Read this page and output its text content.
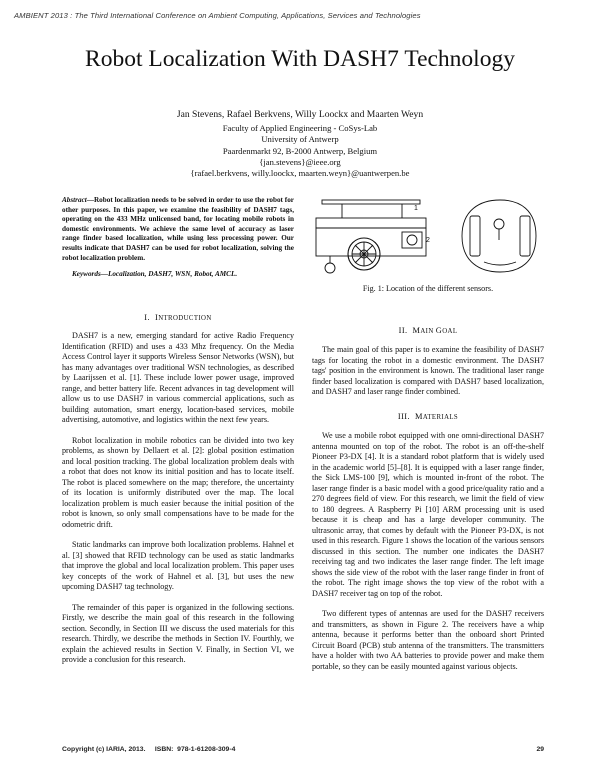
AMBIENT 2013 : The Third International Conference on Ambient Computing, Applications, Services and Technologies
Robot Localization With DASH7 Technology
Jan Stevens, Rafael Berkvens, Willy Loockx and Maarten Weyn
Faculty of Applied Engineering - CoSys-Lab
University of Antwerp
Paardenmarkt 92, B-2000 Antwerp, Belgium
{jan.stevens}@ieee.org
{rafael.berkvens, willy.loockx, maarten.weyn}@uantwerpen.be

Abstract—Robot localization needs to be solved in order to use the robot for other purposes. In this paper, we examine the feasibility of DASH7 tags, operating on the 433 MHz unlicensed band, for locating mobile robots in domestic environments. We achieve the same level of accuracy as laser range finder based localization, while using less processing power. Our results indicate that DASH7 can be used for robot localization, solving the robot localization problem.

Keywords—Localization, DASH7, WSN, Robot, AMCL.

I. INTRODUCTION

DASH7 is a new, emerging standard for active Radio Frequency Identification (RFID) and uses a 433 Mhz frequency. On the Media Access Control layer it supports Wireless Sensor Networks (WSN), but has many advantages over traditional WSN technologies, as described by Laarijssen et al. [1]. These include lower power usage, improved range, and better battery life. Recent advances in tag development will allow us to use DASH7 in various commercial applications, such as building automation, smart energy, location-based services, mobile advertising, automotive, and logistics within the next few years.

Robot localization in mobile robotics can be divided into two key problems, as shown by Dellaert et al. [2]: global position estimation and local position tracking. The global localization problem deals with a robot that does not know its initial position and has to locate itself. The robot is placed somewhere on the map; therefore, the uncertainty of its location is uniformly distributed over the map. The local localization problem is much easier because the initial position of the robot is known, so only small compensations have to be made for the odometric drift.

Static landmarks can improve both localization problems. Hahnel et al. [3] showed that RFID technology can be used as static landmarks that improve the global and local localization problem. This paper uses key concepts of the work of Hahnel et al. [3], but uses the new upcoming DASH7 tag technology.

The remainder of this paper is organized in the following sections. Firstly, we describe the main goal of this research in the following section. Secondly, in Section III we discuss the used materials for this research. Thirdly, we describe the methods in Section IV. Fourthly, we explain the achieved results in Section V. Finally, in Section VI, we provide a conclusion for this research.

1
2
Fig. 1: Location of the different sensors.
II. MAIN GOAL

The main goal of this paper is to examine the feasibility of DASH7 tags for locating the robot in a domestic environment. The DASH7 tags' position in the environment is known. The traditional laser range finder based localization is compared with DASH7 based localization, and DASH7 and laser range finder combined.

III. MATERIALS

We use a mobile robot equipped with one omni-directional DASH7 antenna mounted on top of the robot. The robot is an off-the-shelf Pioneer P3-DX [4]. It is a standard robot platform that is widely used in the academic world [5]–[8]. It is equipped with a laser range finder, the Sick LMS-100 [9], which is mounted in-front of the robot. The laser range finder is a basic model with a good price/quality ratio and a 270 degrees field of view. For this research, we limit the field of view to 180 degrees. A Raspberry Pi [10] ARM processing unit is used because it is cheap and has a large developer community. The ultrasonic array, that comes by default with the Pioneer P3-DX, is not used in this research. Figure 1 shows the location of the various sensors discussed in this section. The number one indicates the DASH7 receiving tag and two indicates the laser range finder. The left image shows the side view of the robot with the laser range finder in front of the robot. The right image shows the top view of the robot with a DASH7 receiver tag on top of the robot.

Two different types of antennas are used for the DASH7 receivers and transmitters, as shown in Figure 2. The receivers have a whip antenna, because it performs better than the onboard short Printed Circuit Board (PCB) stub antenna of the transmitters. The transmitters have a holder with two AA batteries to provide power and make them portable, so they can be easily mounted against various objects.

Copyright (c) IARIA, 2013.     ISBN:  978-1-61208-309-4	29
